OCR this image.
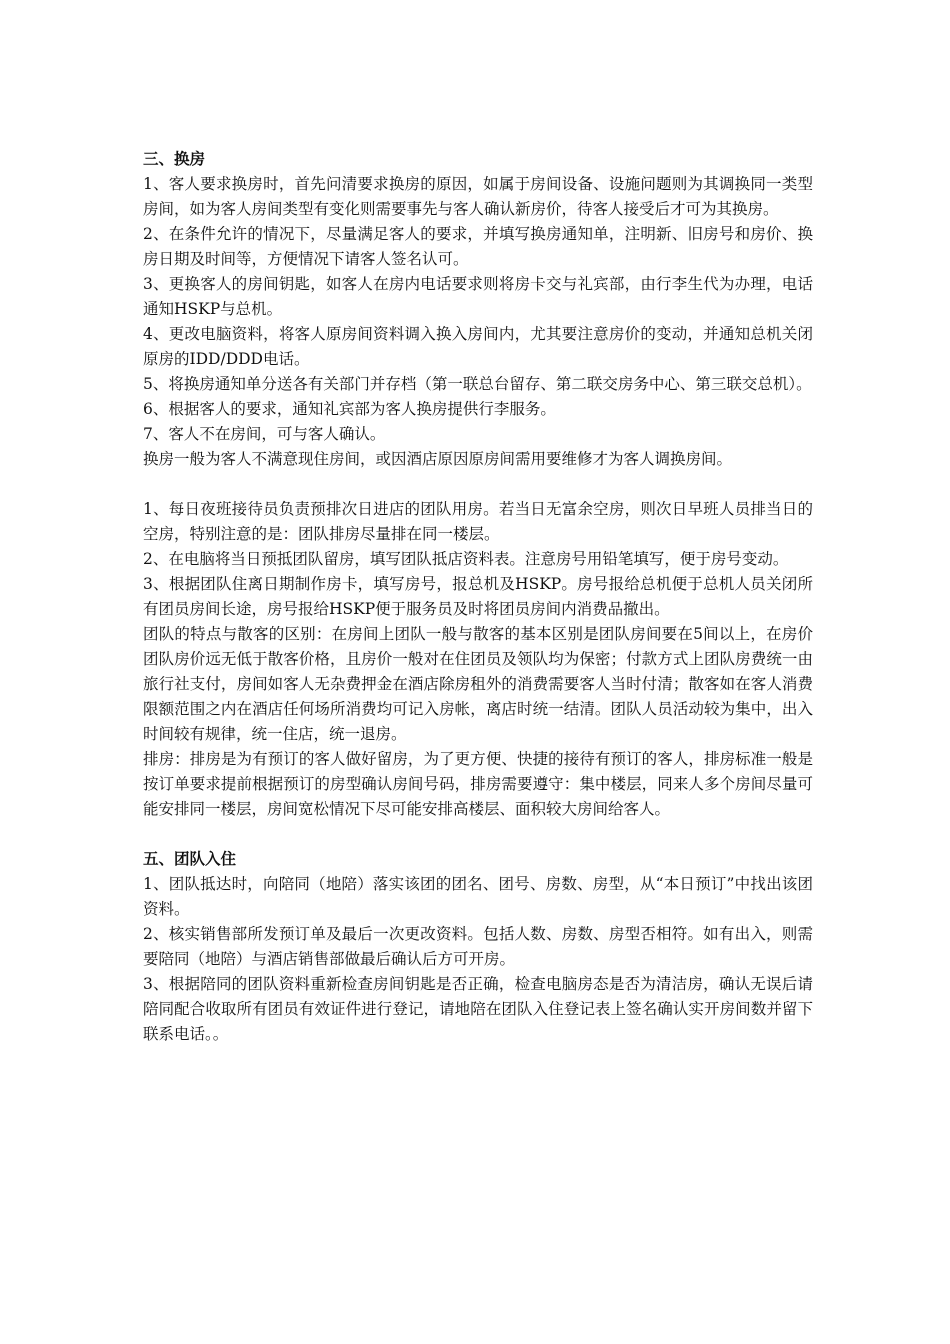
三、换房

1、客人要求换房时，首先问清要求换房的原因，如属于房间设备、设施问题则为其调换同一类型房间，如为客人房间类型有变化则需要事先与客人确认新房价，待客人接受后才可为其换房。

2、在条件允许的情况下，尽量满足客人的要求，并填写换房通知单，注明新、旧房号和房价、换房日期及时间等，方便情况下请客人签名认可。

3、更换客人的房间钥匙，如客人在房内电话要求则将房卡交与礼宾部，由行李生代为办理，电话通知HSKP与总机。

4、更改电脑资料，将客人原房间资料调入换入房间内，尤其要注意房价的变动，并通知总机关闭原房的IDD/DDD电话。

5、将换房通知单分送各有关部门并存档（第一联总台留存、第二联交房务中心、第三联交总机）。

6、根据客人的要求，通知礼宾部为客人换房提供行李服务。

7、客人不在房间，可与客人确认。

换房一般为客人不满意现住房间，或因酒店原因原房间需用要维修才为客人调换房间。

1、每日夜班接待员负责预排次日进店的团队用房。若当日无富余空房，则次日早班人员排当日的空房，特别注意的是：团队排房尽量排在同一楼层。

2、在电脑将当日预抵团队留房，填写团队抵店资料表。注意房号用铅笔填写，便于房号变动。

3、根据团队住离日期制作房卡，填写房号，报总机及HSKP。房号报给总机便于总机人员关闭所有团员房间长途，房号报给HSKP便于服务员及时将团员房间内消费品撤出。

团队的特点与散客的区别：在房间上团队一般与散客的基本区别是团队房间要在5间以上，在房价团队房价远无低于散客价格，且房价一般对在住团员及领队均为保密；付款方式上团队房费统一由旅行社支付，房间如客人无杂费押金在酒店除房租外的消费需要客人当时付清；散客如在客人消费限额范围之内在酒店任何场所消费均可记入房帐，离店时统一结清。团队人员活动较为集中，出入时间较有规律，统一住店，统一退房。

排房：排房是为有预订的客人做好留房，为了更方便、快捷的接待有预订的客人，排房标准一般是按订单要求提前根据预订的房型确认房间号码，排房需要遵守：集中楼层，同来人多个房间尽量可能安排同一楼层，房间宽松情况下尽可能安排高楼层、面积较大房间给客人。

五、团队入住

1、团队抵达时，向陪同（地陪）落实该团的团名、团号、房数、房型，从“本日预订”中找出该团资料。

2、核实销售部所发预订单及最后一次更改资料。包括人数、房数、房型否相符。如有出入，则需要陪同（地陪）与酒店销售部做最后确认后方可开房。

3、根据陪同的团队资料重新检查房间钥匙是否正确，检查电脑房态是否为清洁房，确认无误后请陪同配合收取所有团员有效证件进行登记，请地陪在团队入住登记表上签名确认实开房间数并留下联系电话。。
